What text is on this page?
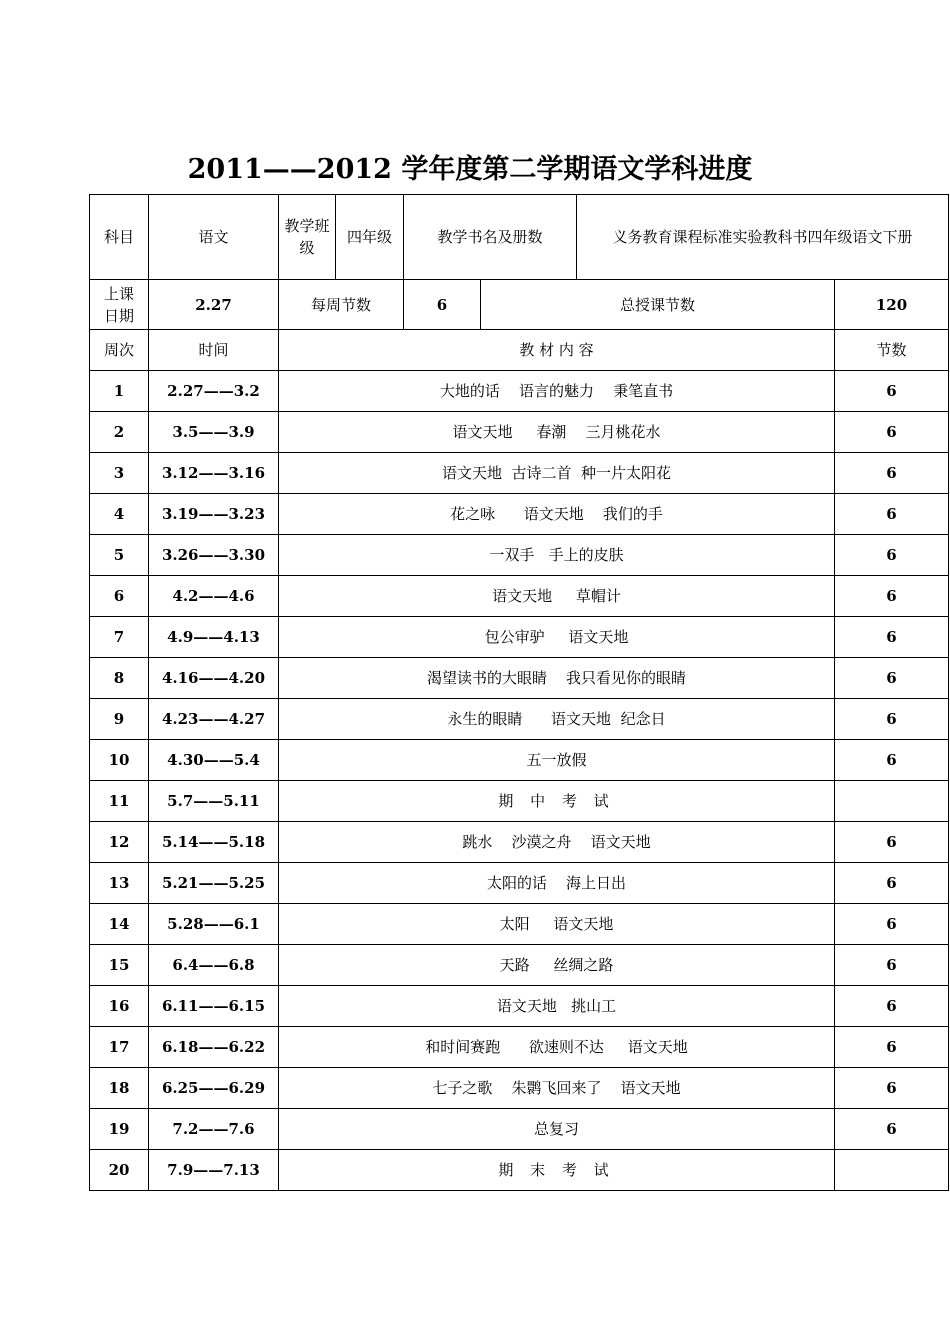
2011——2012 学年度第二学期语文学科进度
科目	语文	教学班级	四年级	教学书名及册数		义务教育课程标准实验教科书四年级语文下册	
上课日期	2.27	每周节数		6	总授课节数		120
周次	时间	教 材 内 容					节数
1	2.27——3.2	大地的话    语言的魅力    秉笔直书					6
2	3.5——3.9	语文天地     春潮    三月桃花水					6
3	3.12——3.16	语文天地  古诗二首  种一片太阳花					6
4	3.19——3.23	花之咏      语文天地    我们的手					6
5	3.26——3.30	一双手   手上的皮肤					6
6	4.2——4.6	语文天地     草帽计					6
7	4.9——4.13	包公审驴     语文天地					6
8	4.16——4.20	渴望读书的大眼睛    我只看见你的眼睛					6
9	4.23——4.27	永生的眼睛      语文天地  纪念日					6
10	4.30——5.4	五一放假					6
11	5.7——5.11	期 中 考 试					
12	5.14——5.18	跳水    沙漠之舟    语文天地					6
13	5.21——5.25	太阳的话    海上日出					6
14	5.28——6.1	太阳     语文天地					6
15	6.4——6.8	天路     丝绸之路					6
16	6.11——6.15	语文天地   挑山工					6
17	6.18——6.22	和时间赛跑      欲速则不达     语文天地					6
18	6.25——6.29	七子之歌    朱鹮飞回来了    语文天地					6
19	7.2——7.6	总复习					6
20	7.9——7.13	期 末 考 试					
